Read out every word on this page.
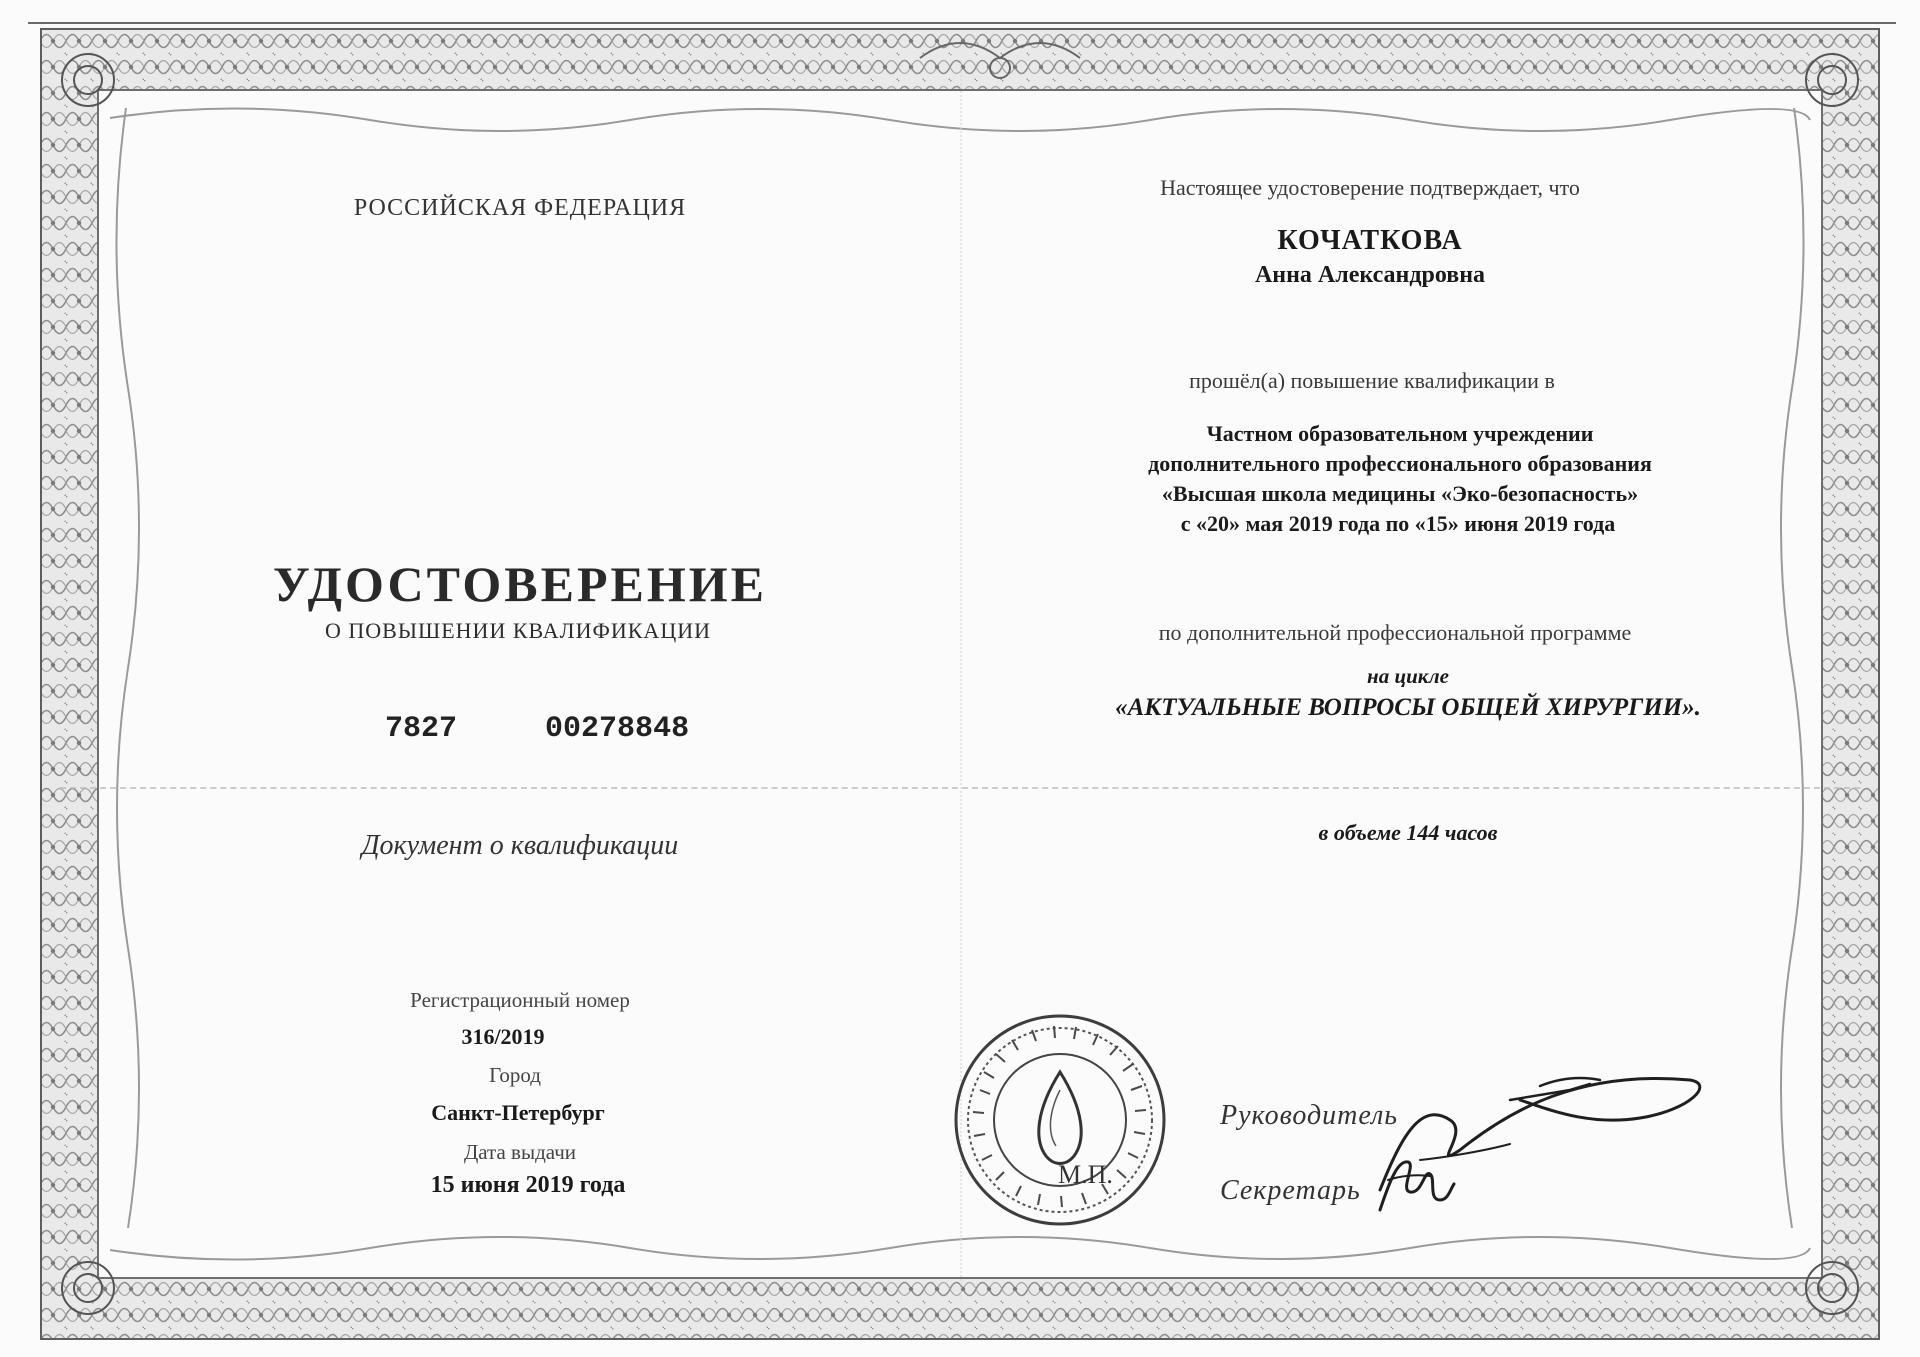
РОССИЙСКАЯ ФЕДЕРАЦИЯ
УДОСТОВЕРЕНИЕ
О ПОВЫШЕНИИ КВАЛИФИКАЦИИ
7827	00278848
Документ о квалификации
Регистрационный номер
316/2019
Город
Санкт-Петербург
Дата выдачи
15 июня 2019 года
Настоящее удостоверение подтверждает, что
КОЧАТКОВА
Анна Александровна
прошёл(а) повышение квалификации в
Частном образовательном учреждении
дополнительного профессионального образования
«Высшая школа медицины «Эко-безопасность»
с «20» мая 2019 года по «15» июня 2019 года
по дополнительной профессиональной программе
на цикле
«АКТУАЛЬНЫЕ ВОПРОСЫ ОБЩЕЙ ХИРУРГИИ».
в объеме 144 часов
М.П.
Руководитель
Секретарь
